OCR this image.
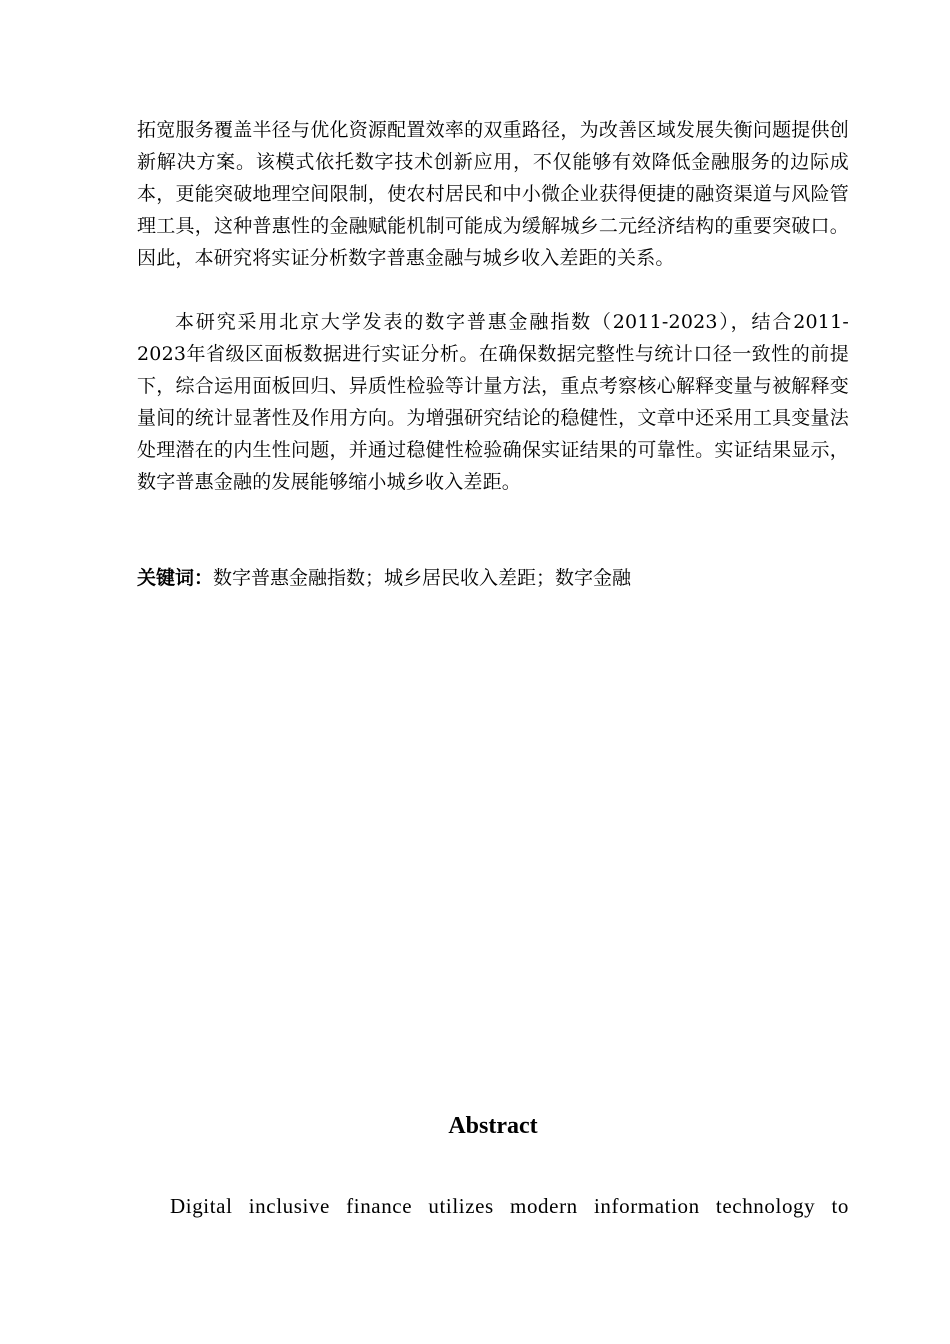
拓宽服务覆盖半径与优化资源配置效率的双重路径，为改善区域发展失衡问题提供创新解决方案。该模式依托数字技术创新应用，不仅能够有效降低金融服务的边际成本，更能突破地理空间限制，使农村居民和中小微企业获得便捷的融资渠道与风险管理工具，这种普惠性的金融赋能机制可能成为缓解城乡二元经济结构的重要突破口。因此，本研究将实证分析数字普惠金融与城乡收入差距的关系。

本研究采用北京大学发表的数字普惠金融指数（2011-2023），结合2011-2023年省级区面板数据进行实证分析。在确保数据完整性与统计口径一致性的前提下，综合运用面板回归、异质性检验等计量方法，重点考察核心解释变量与被解释变量间的统计显著性及作用方向。为增强研究结论的稳健性，文章中还采用工具变量法处理潜在的内生性问题，并通过稳健性检验确保实证结果的可靠性。实证结果显示，数字普惠金融的发展能够缩小城乡收入差距。

关键词：数字普惠金融指数；城乡居民收入差距；数字金融
Abstract
Digital inclusive finance utilizes modern information technology to
